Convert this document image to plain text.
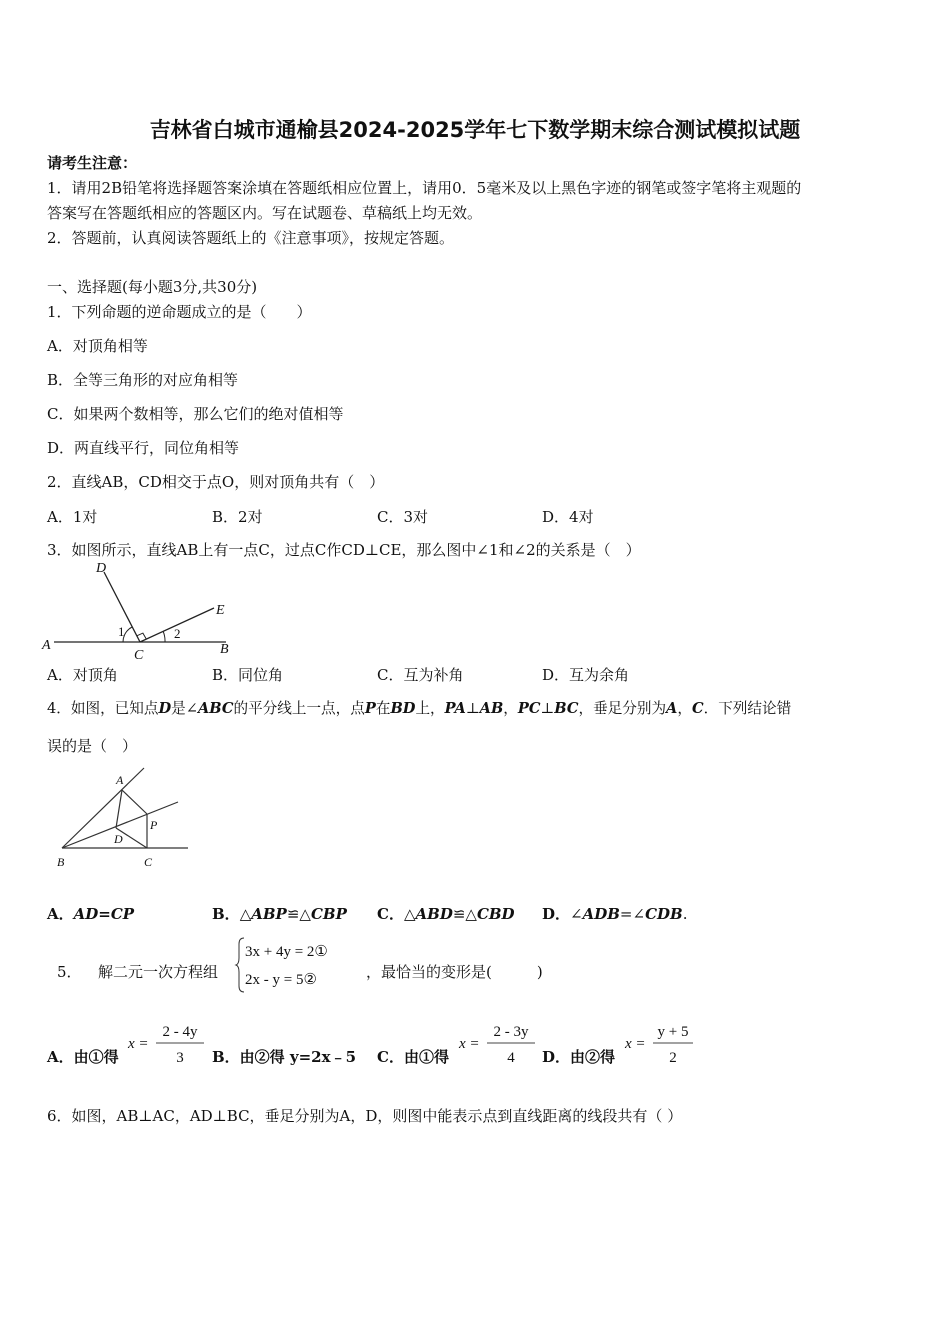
吉林省白城市通榆县2024-2025学年七下数学期末综合测试模拟试题
请考生注意：
1．请用2B铅笔将选择题答案涂填在答题纸相应位置上，请用0．5毫米及以上黑色字迹的钢笔或签字笔将主观题的
答案写在答题纸相应的答题区内。写在试题卷、草稿纸上均无效。
2．答题前，认真阅读答题纸上的《注意事项》，按规定答题。
一、选择题(每小题3分,共30分)
1．下列命题的逆命题成立的是（　　）
A．对顶角相等
B．全等三角形的对应角相等
C．如果两个数相等，那么它们的绝对值相等
D．两直线平行，同位角相等
2．直线AB，CD相交于点O，则对顶角共有（　）
A．1对	B．2对	C．3对	D．4对
3．如图所示，直线AB上有一点C，过点C作CD⊥CE，那么图中∠1和∠2的关系是（　）
A	B
C
D
E
1	2
A．对顶角	B．同位角	C．互为补角	D．互为余角
4．如图，已知点D是∠ABC的平分线上一点，点P在BD上，PA⊥AB，PC⊥BC，垂足分别为A，C．下列结论错
误的是（　）
A
B	C
D
P
A．AD=CP	B．△ABP≌△CBP C．△ABD≌△CBD D．∠ADB=∠CDB.
5． 解二元一次方程组
3x + 4y = 2①
2x - y = 5②	，最恰当的变形是(　　　)
A．由①得
x =
2 - 4y
3 B．由②得 y=2x﹣5 C．由①得
x =
2 - 3y
4 D．由②得
x =
y + 5
2
6．如图，AB⊥AC，AD⊥BC，垂足分别为A，D，则图中能表示点到直线距离的线段共有（ ）
